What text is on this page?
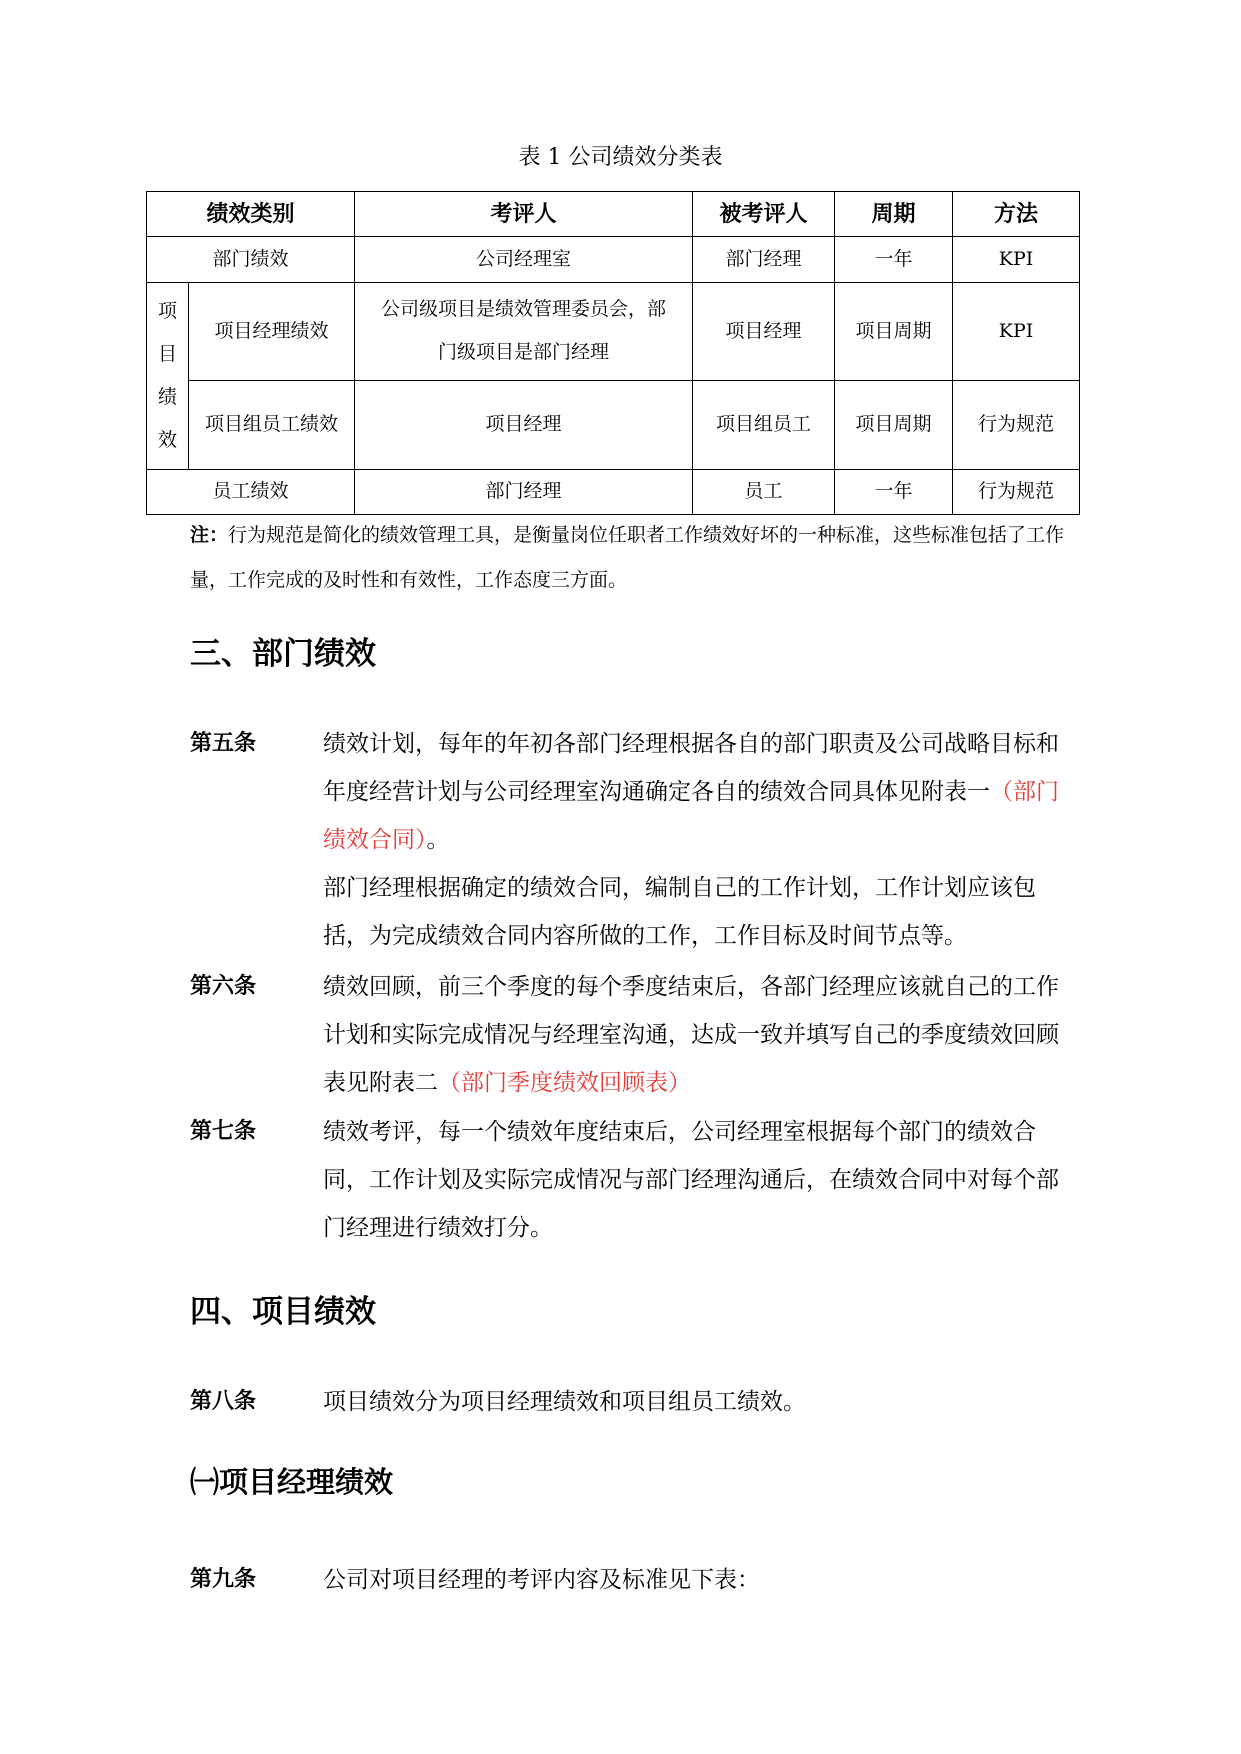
表 1 公司绩效分类表
绩效类别		考评人	被考评人	周期	方法
部门绩效		公司经理室	部门经理	一年	KPI

项
目
绩
效	项目经理绩效	公司级项目是绩效管理委员会，部门级项目是部门经理	项目经理	项目周期	KPI
	项目组员工绩效	项目经理	项目组员工	项目周期	行为规范
员工绩效		部门经理	员工	一年	行为规范
注：行为规范是简化的绩效管理工具，是衡量岗位任职者工作绩效好坏的一种标准，这些标准包括了工作量，工作完成的及时性和有效性，工作态度三方面。
三、部门绩效
第五条	绩效计划，每年的年初各部门经理根据各自的部门职责及公司战略目标和年度经营计划与公司经理室沟通确定各自的绩效合同具体见附表一（部门绩效合同）。
部门经理根据确定的绩效合同，编制自己的工作计划，工作计划应该包括，为完成绩效合同内容所做的工作，工作目标及时间节点等。
第六条	绩效回顾，前三个季度的每个季度结束后，各部门经理应该就自己的工作计划和实际完成情况与经理室沟通，达成一致并填写自己的季度绩效回顾表见附表二（部门季度绩效回顾表）
第七条	绩效考评，每一个绩效年度结束后，公司经理室根据每个部门的绩效合同，工作计划及实际完成情况与部门经理沟通后，在绩效合同中对每个部门经理进行绩效打分。
四、项目绩效
第八条	项目绩效分为项目经理绩效和项目组员工绩效。
㈠项目经理绩效
第九条	公司对项目经理的考评内容及标准见下表：
